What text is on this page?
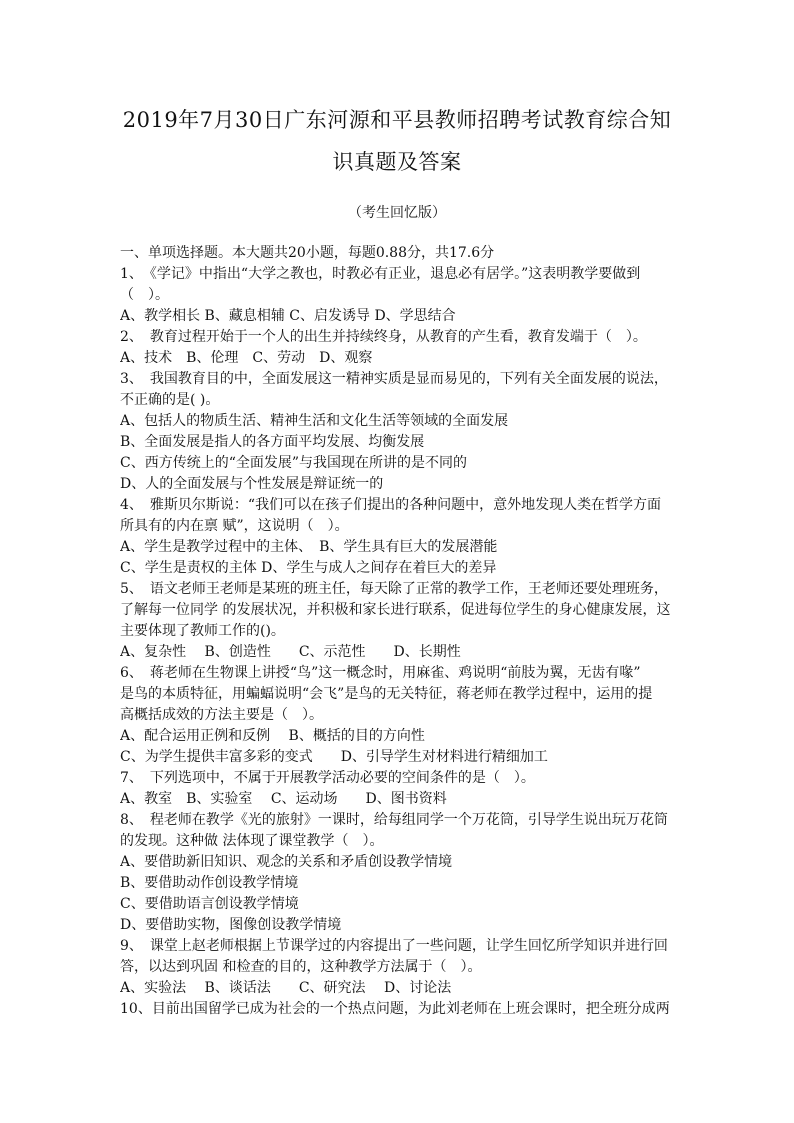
2019年7月30日广东河源和平县教师招聘考试教育综合知
识真题及答案
（考生回忆版）
一、单项选择题。本大题共20小题，每题0.88分，共17.6分
1、　《学记》中指出“大学之教也，时教必有正业，退息必有居学。”这表明教学要做到
（　）。
A、教学相长 B、藏息相辅 C、启发诱导 D、学思结合
2、　教育过程开始于一个人的出生并持续终身，从教育的产生看，教育发端于（　）。
A、技术　B、伦理　C、劳动　D、观察
3、　我国教育目的中，全面发展这一精神实质是显而易见的，下列有关全面发展的说法，
不正确的是( )。
A、包括人的物质生活、精神生活和文化生活等领域的全面发展
B、全面发展是指人的各方面平均发展、均衡发展
C、西方传统上的“全面发展”与我国现在所讲的是不同的
D、人的全面发展与个性发展是辩证统一的
4、　雅斯贝尔斯说：“我们可以在孩子们提出的各种问题中，意外地发现人类在哲学方面
所具有的内在禀 赋”，这说明（　）。
A、学生是教学过程中的主体、　B、学生具有巨大的发展潜能
C、学生是责权的主体 D、学生与成人之间存在着巨大的差异
5、　语文老师王老师是某班的班主任，每天除了正常的教学工作，王老师还要处理班务，
了解每一位同学 的发展状况，并积极和家长进行联系，促进每位学生的身心健康发展，这
主要体现了教师工作的()。
A、复杂性　 B、创造性　　C、示范性　　D、长期性
6、　蒋老师在生物课上讲授“鸟”这一概念时，用麻雀、鸡说明“前肢为翼，无齿有喙”
是鸟的本质特征，用蝙蝠说明“会飞”是鸟的无关特征，蒋老师在教学过程中，运用的提
高概括成效的方法主要是（　）。
A、配合运用正例和反例　 B、概括的目的方向性
C、为学生提供丰富多彩的变式　　D、引导学生对材料进行精细加工
7、　下列选项中，不属于开展教学活动必要的空间条件的是（　）。
A、教室　B、实验室　 C、运动场　　D、图书资料
8、　程老师在教学《光的旅射》一课时，给每组同学一个万花筒，引导学生说出玩万花筒
的发现。这种做 法体现了课堂教学（　）。
A、要借助新旧知识、观念的关系和矛盾创设教学情境
B、要借助动作创设教学情境
C、要借助语言创设教学情境
D、要借助实物，图像创设教学情境
9、　课堂上赵老师根据上节课学过的内容提出了一些问题，让学生回忆所学知识并进行回
答，以达到巩固 和检查的目的，这种教学方法属于（　）。
A、实验法　 B、谈话法　　C、研究法　 D、讨论法
10、目前出国留学已成为社会的一个热点问题，为此刘老师在上班会课时，把全班分成两
